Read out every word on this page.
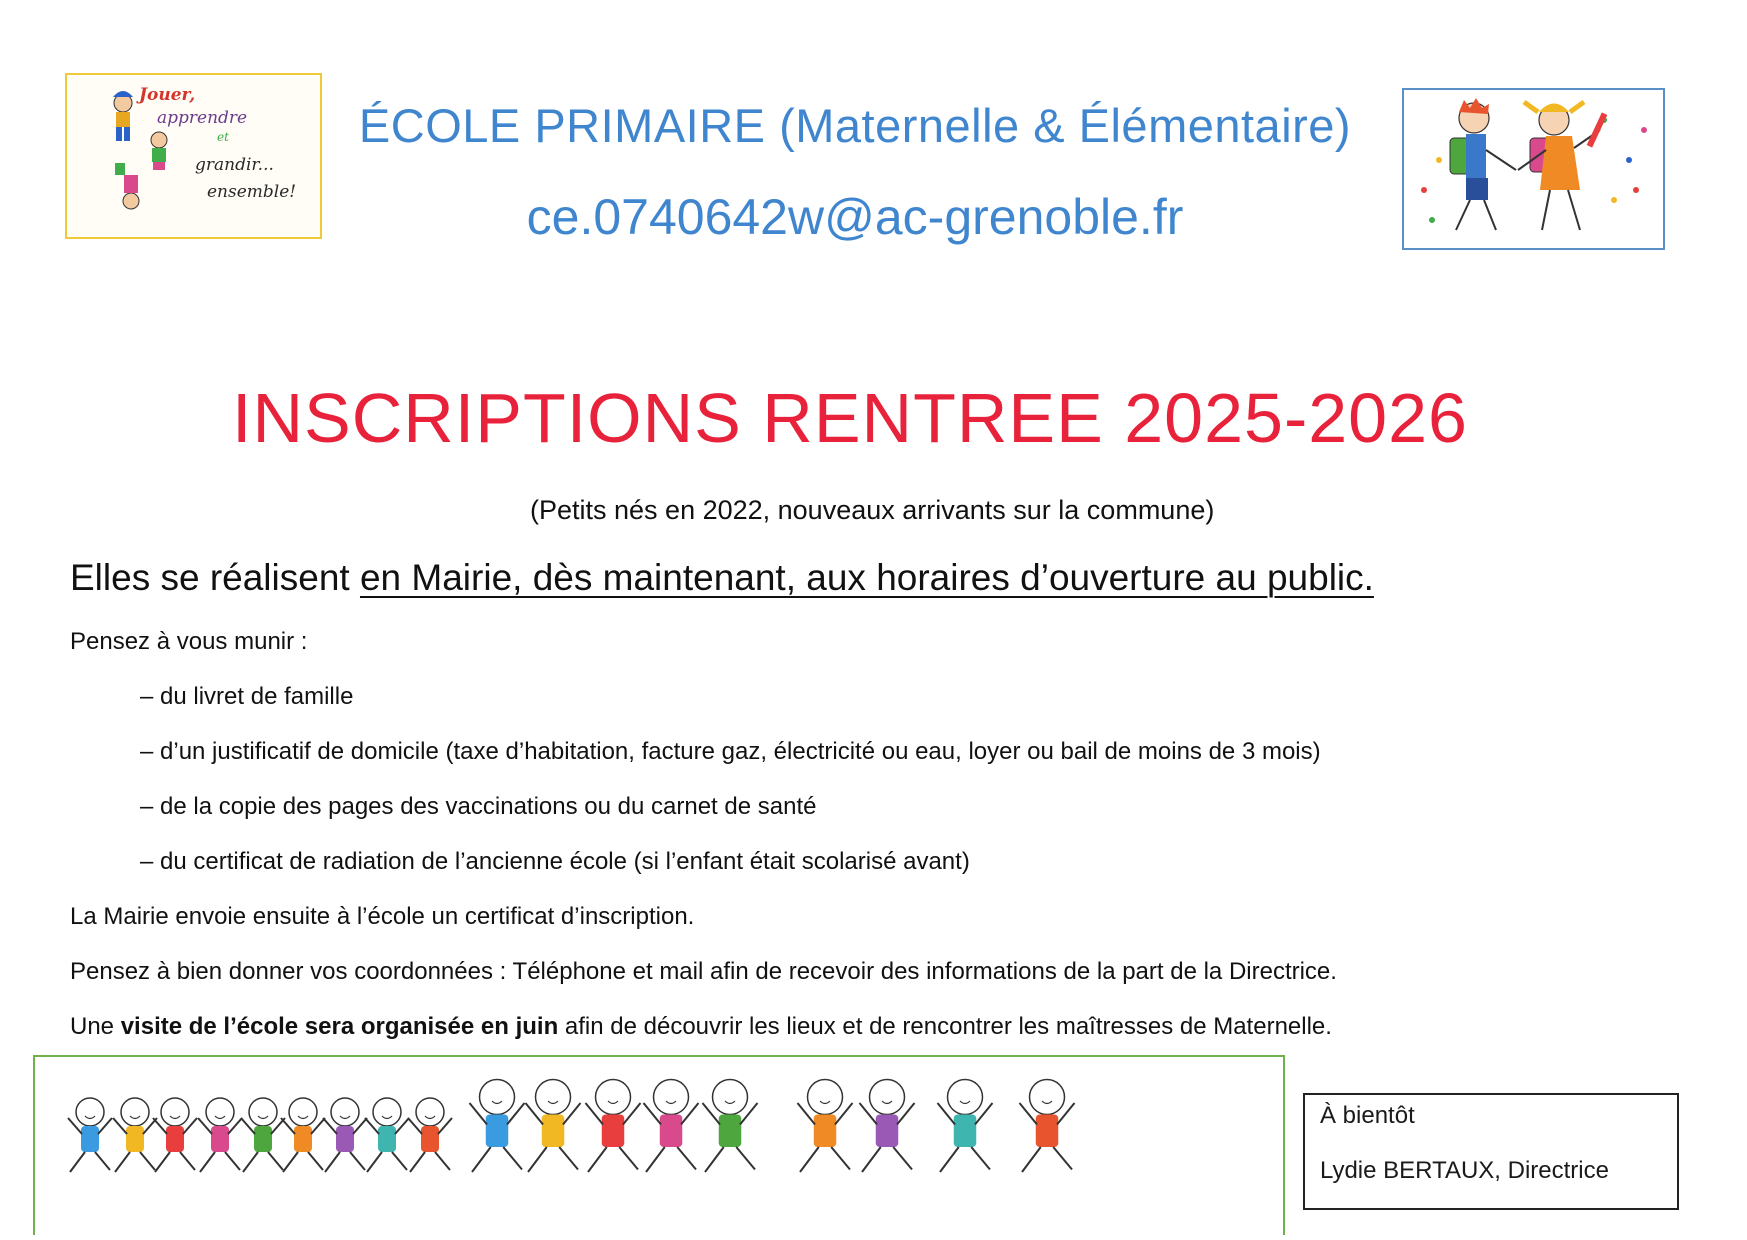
Jouer,
apprendre
et
grandir...
ensemble!
ÉCOLE PRIMAIRE (Maternelle & Élémentaire)
ce.0740642w@ac-grenoble.fr
INSCRIPTIONS RENTREE 2025-2026
(Petits nés en 2022, nouveaux arrivants sur la commune)
Elles se réalisent en Mairie, dès maintenant, aux horaires d’ouverture au public.
Pensez à vous munir :
– du livret de famille
– d’un justificatif de domicile (taxe d’habitation, facture gaz, électricité ou eau, loyer ou bail de moins de 3 mois)
– de la copie des pages des vaccinations ou du carnet de santé
– du certificat de radiation de l’ancienne école (si l’enfant était scolarisé avant)
La Mairie envoie ensuite à l’école un certificat d’inscription.
Pensez à bien donner vos coordonnées : Téléphone et mail afin de recevoir des informations de la part de la Directrice.
Une visite de l’école sera organisée en juin afin de découvrir les lieux et de rencontrer les maîtresses de Maternelle.
À bientôt
Lydie BERTAUX, Directrice
